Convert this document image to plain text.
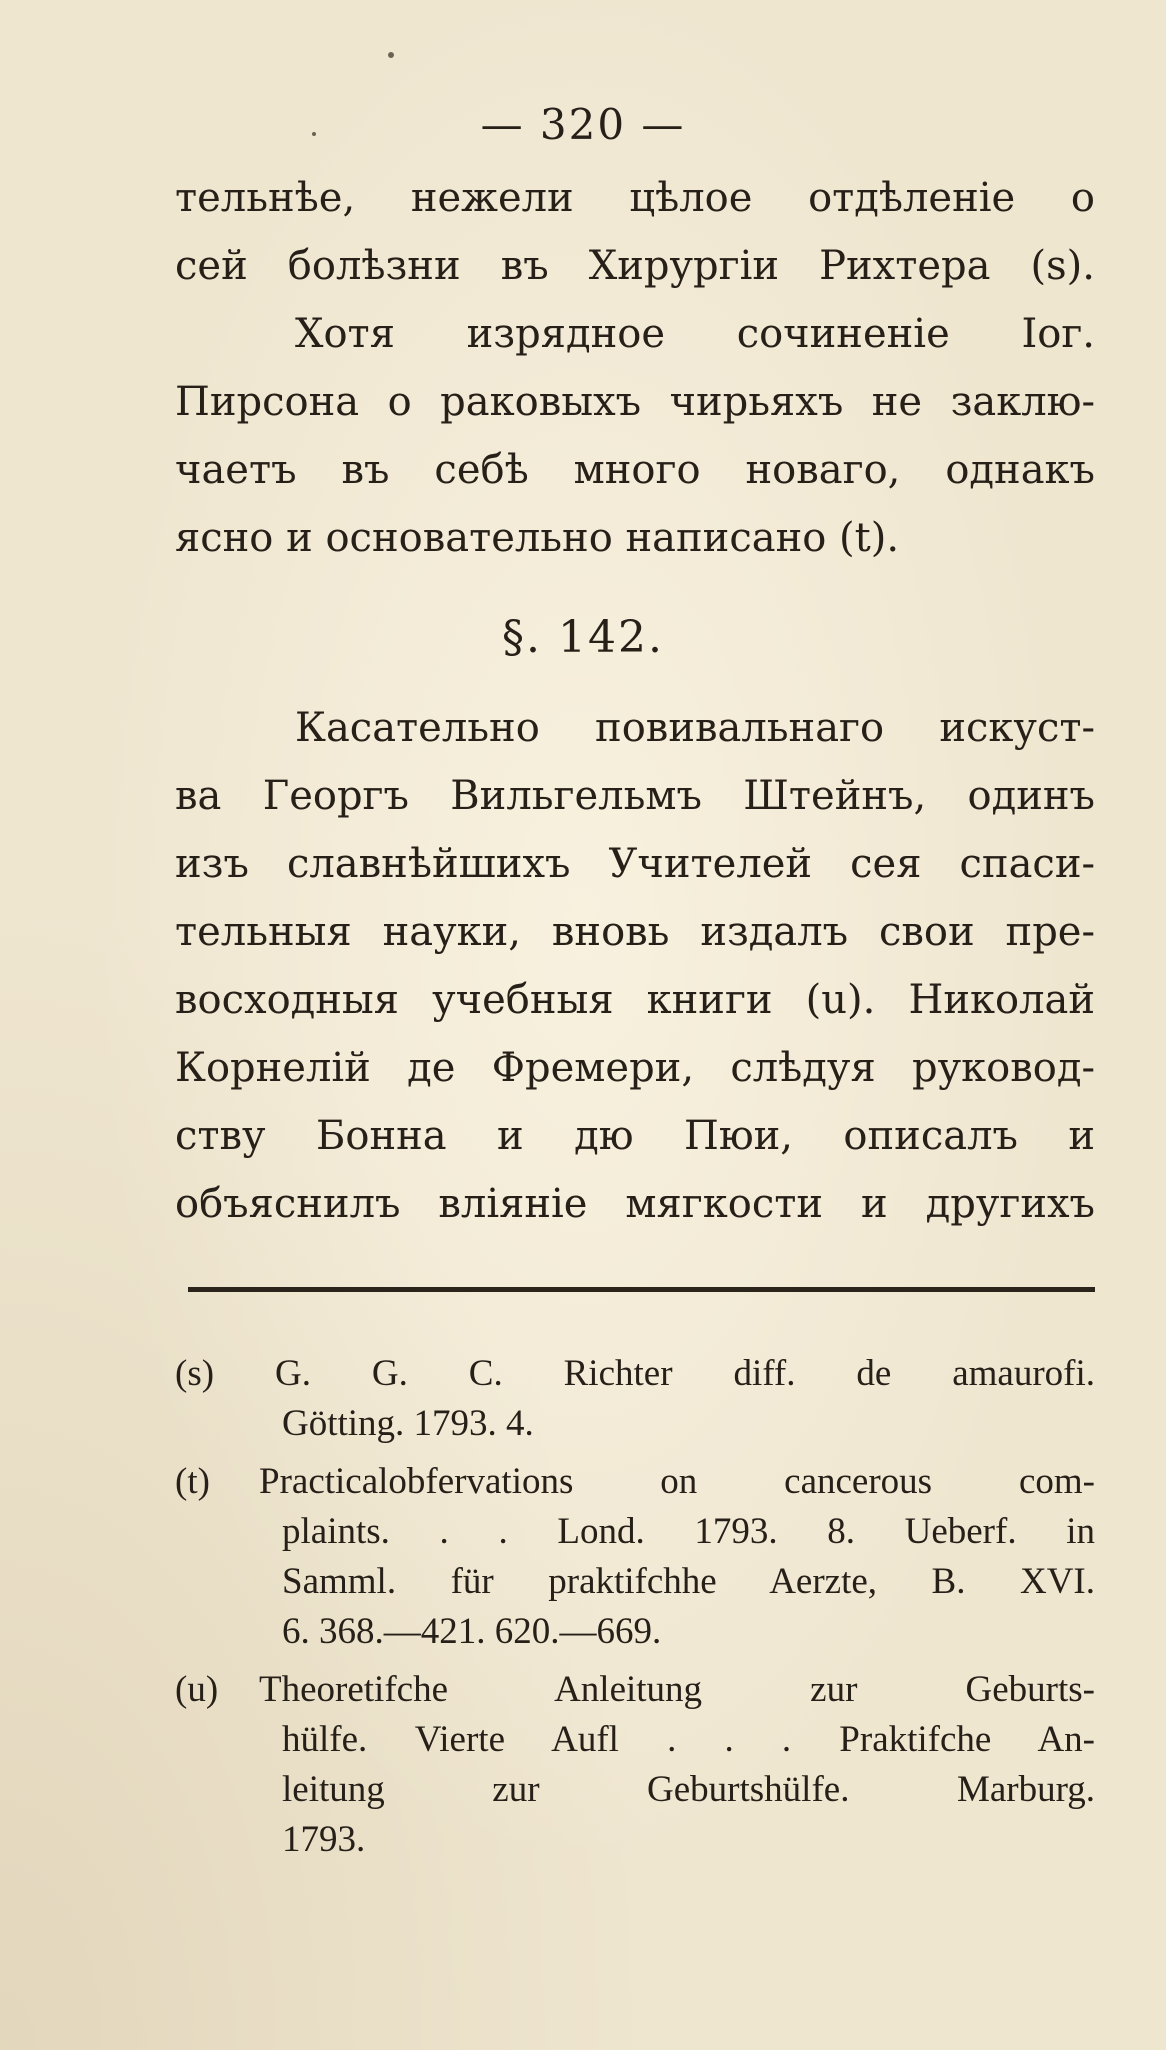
— 320 —
тельнѣе, нежели цѣлое отдѣленіе о
сей болѣзни въ Хирургіи Рихтера (s).
Хотя изрядное сочиненіе Іог.
Пирсона о раковыхъ чирьяхъ не заклю-
чаетъ въ себѣ много новаго, однакъ
ясно и основательно написано (t).
§. 142.
Касательно повивальнаго искуст-
ва Георгъ Вильгельмъ Штейнъ, одинъ
изъ славнѣйшихъ Учителей сея спаси-
тельныя науки, вновь издалъ свои пре-
восходныя учебныя книги (u). Николай
Корнелій де Фремери, слѣдуя руковод-
ству Бонна и дю Пюи, описалъ и
объяснилъ вліяніе мягкости и другихъ
(s) G. G. C. Richter diff. de amaurofi.
Götting. 1793. 4.
(t) Practicalobfervations on cancerous com-
plaints. . . Lond. 1793. 8. Ueberf. in
Samml. für praktifchhe Aerzte, B. XVI.
6. 368.—421. 620.—669.
(u) Theoretifche Anleitung zur Geburts-
hülfe. Vierte Aufl . . . Praktifche An-
leitung zur Geburtshülfe. Marburg.
1793.
